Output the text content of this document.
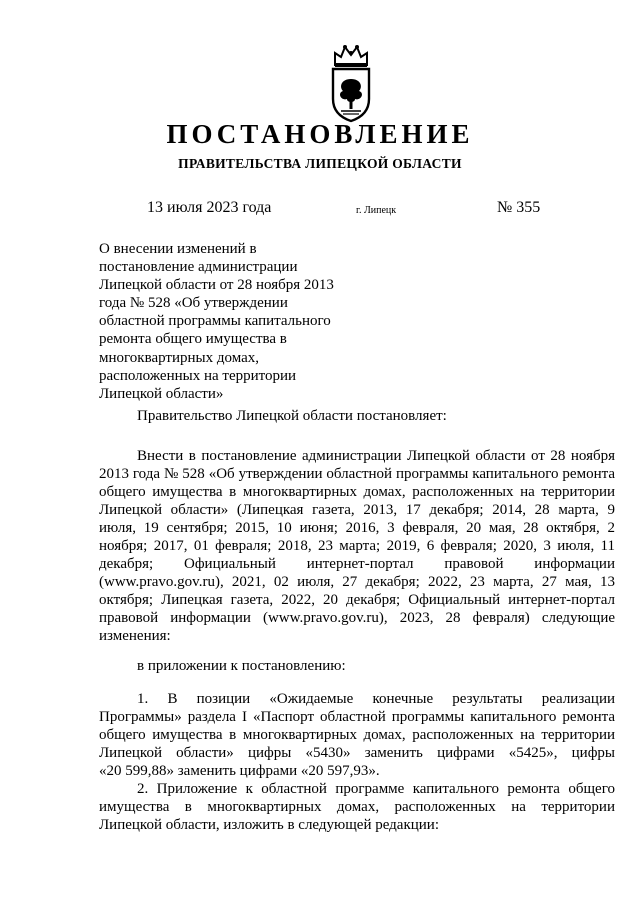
ПОСТАНОВЛЕНИЕ
ПРАВИТЕЛЬСТВА ЛИПЕЦКОЙ ОБЛАСТИ
13 июля 2023 года	г. Липецк	№ 355
О внесении изменений в
постановление администрации
Липецкой области от 28 ноября 2013
года № 528 «Об утверждении
областной программы капитального
ремонта общего имущества в
многоквартирных домах,
расположенных на территории
Липецкой области»
Правительство Липецкой области постановляет:
Внести в постановление администрации Липецкой области от 28 ноября
2013 года № 528 «Об утверждении областной программы капитального ремонта
общего имущества в многоквартирных домах, расположенных на территории
Липецкой области» (Липецкая газета, 2013, 17 декабря; 2014, 28 марта, 9
июля, 19 сентября; 2015, 10 июня; 2016, 3 февраля, 20 мая, 28 октября, 2
ноября; 2017, 01 февраля; 2018, 23 марта; 2019, 6 февраля; 2020, 3 июля, 11
декабря; Официальный интернет-портал правовой информации
(www.pravo.gov.ru), 2021, 02 июля, 27 декабря; 2022, 23 марта, 27 мая, 13
октября; Липецкая газета, 2022, 20 декабря; Официальный интернет-портал
правовой информации (www.pravo.gov.ru), 2023, 28 февраля) следующие
изменения:
в приложении к постановлению:
1. В позиции «Ожидаемые конечные результаты реализации
Программы» раздела I «Паспорт областной программы капитального ремонта
общего имущества в многоквартирных домах, расположенных на территории
Липецкой области» цифры «5430» заменить цифрами «5425», цифры
«20 599,88» заменить цифрами «20 597,93».
2. Приложение к областной программе капитального ремонта общего
имущества в многоквартирных домах, расположенных на территории
Липецкой области, изложить в следующей редакции:
